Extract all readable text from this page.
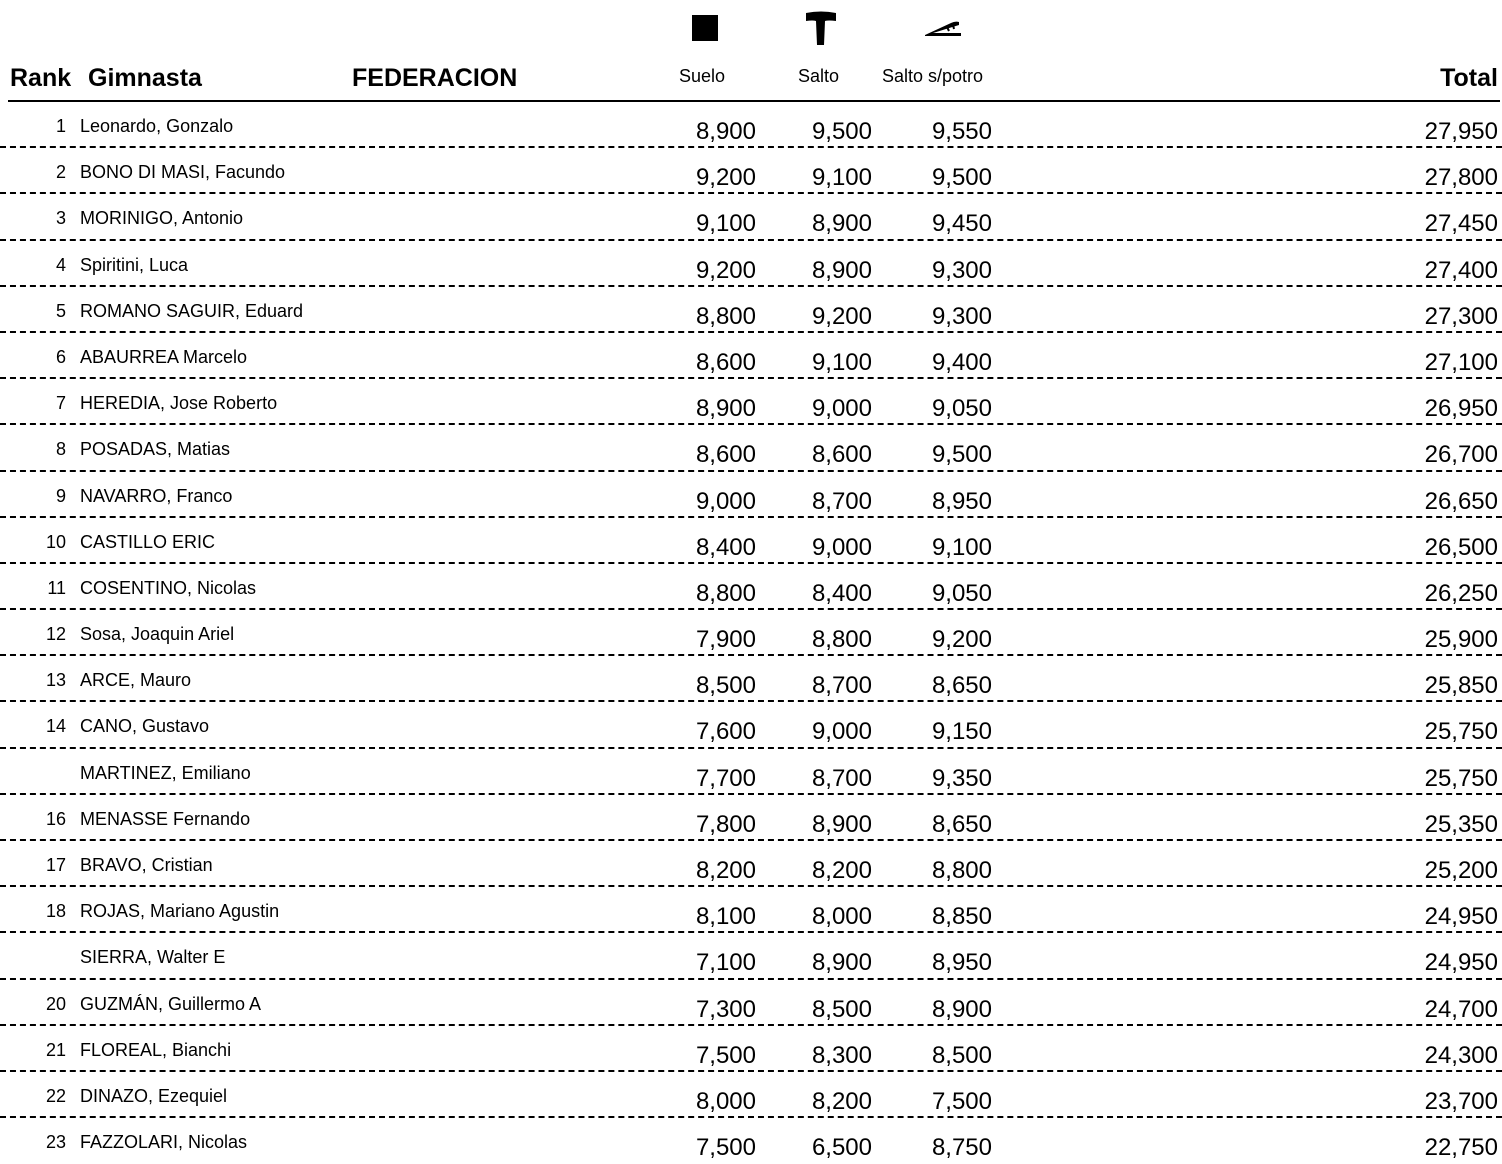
Rank Gimnasta	FEDERACION	Suelo	Salto Salto s/potro	Total
1 Leonardo, Gonzalo	8,900 9,500 9,550	27,950
2 BONO DI MASI, Facundo	9,200 9,100 9,500	27,800
3 MORINIGO, Antonio	9,100 8,900 9,450	27,450
4 Spiritini, Luca	9,200 8,900 9,300	27,400
5 ROMANO SAGUIR, Eduard	8,800 9,200 9,300	27,300
6 ABAURREA Marcelo	8,600 9,100 9,400	27,100
7 HEREDIA, Jose Roberto	8,900 9,000 9,050	26,950
8 POSADAS, Matias	8,600 8,600 9,500	26,700
9 NAVARRO, Franco	9,000 8,700 8,950	26,650
10 CASTILLO ERIC	8,400 9,000 9,100	26,500
11 COSENTINO, Nicolas	8,800 8,400 9,050	26,250
12 Sosa, Joaquin Ariel	7,900 8,800 9,200	25,900
13 ARCE, Mauro	8,500 8,700 8,650	25,850
14 CANO, Gustavo	7,600 9,000 9,150	25,750
MARTINEZ, Emiliano	7,700 8,700 9,350	25,750
16 MENASSE Fernando	7,800 8,900 8,650	25,350
17 BRAVO, Cristian	8,200 8,200 8,800	25,200
18 ROJAS, Mariano Agustin	8,100 8,000 8,850	24,950
SIERRA, Walter E	7,100 8,900 8,950	24,950
20 GUZMÁN, Guillermo A	7,300 8,500 8,900	24,700
21 FLOREAL, Bianchi	7,500 8,300 8,500	24,300
22 DINAZO, Ezequiel	8,000 8,200 7,500	23,700
23 FAZZOLARI, Nicolas	7,500 6,500 8,750	22,750
